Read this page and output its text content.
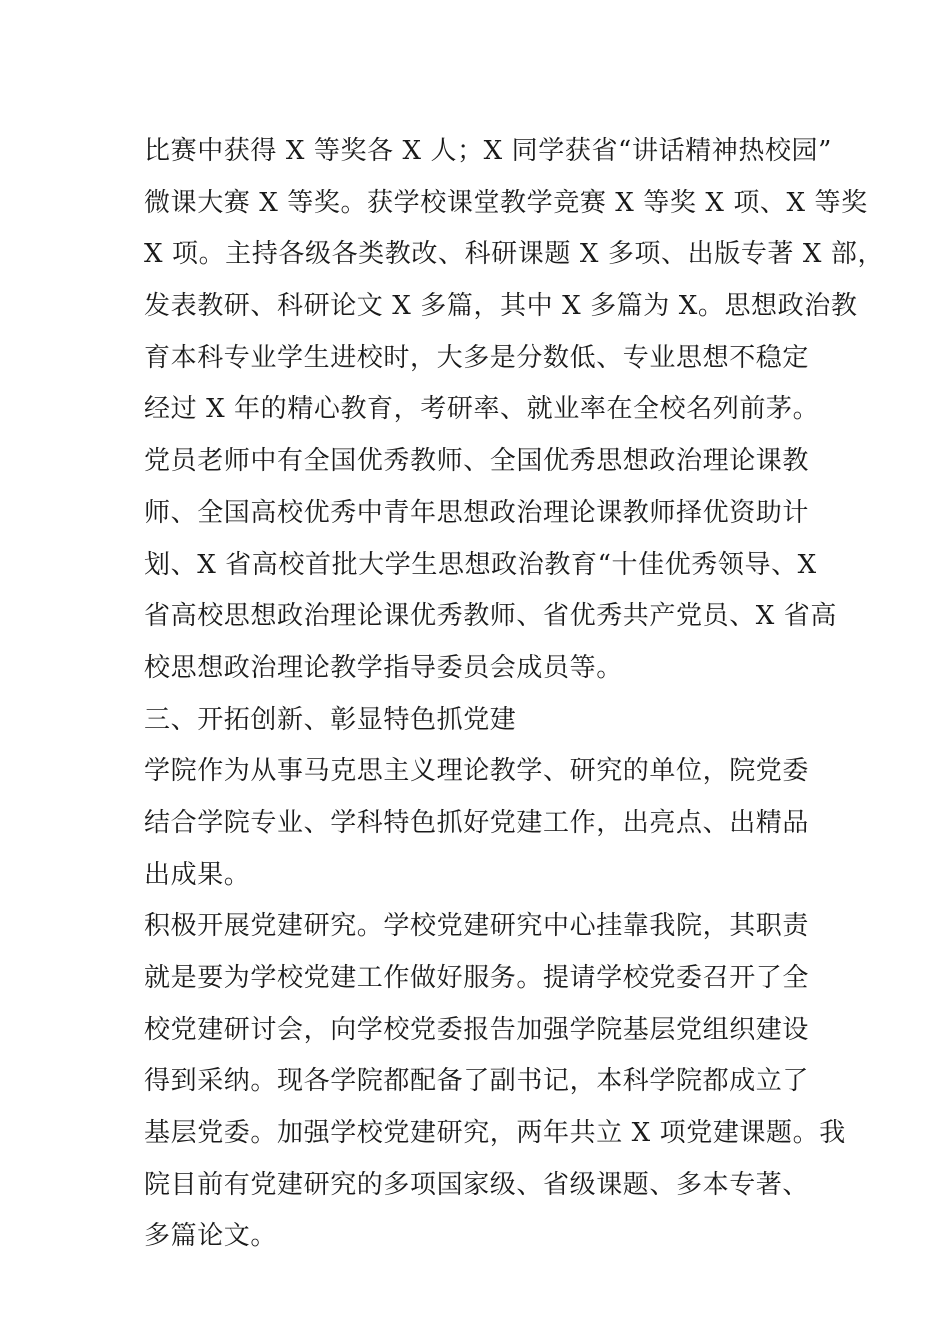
比赛中获得 X 等奖各 X 人；X 同学获省“讲话精神热校园”
微课大赛 X 等奖。获学校课堂教学竞赛 X 等奖 X 项、X 等奖
X 项。主持各级各类教改、科研课题 X 多项、出版专著 X 部，
发表教研、科研论文 X 多篇，其中 X 多篇为 X。思想政治教
育本科专业学生进校时，大多是分数低、专业思想不稳定
经过 X 年的精心教育，考研率、就业率在全校名列前茅。
党员老师中有全国优秀教师、全国优秀思想政治理论课教
师、全国高校优秀中青年思想政治理论课教师择优资助计
划、X 省高校首批大学生思想政治教育“十佳优秀领导、X
省高校思想政治理论课优秀教师、省优秀共产党员、X 省高
校思想政治理论教学指导委员会成员等。
三、开拓创新、彰显特色抓党建
学院作为从事马克思主义理论教学、研究的单位，院党委
结合学院专业、学科特色抓好党建工作，出亮点、出精品
出成果。
积极开展党建研究。学校党建研究中心挂靠我院，其职责
就是要为学校党建工作做好服务。提请学校党委召开了全
校党建研讨会，向学校党委报告加强学院基层党组织建设
得到采纳。现各学院都配备了副书记，本科学院都成立了
基层党委。加强学校党建研究，两年共立 X 项党建课题。我
院目前有党建研究的多项国家级、省级课题、多本专著、
多篇论文。
